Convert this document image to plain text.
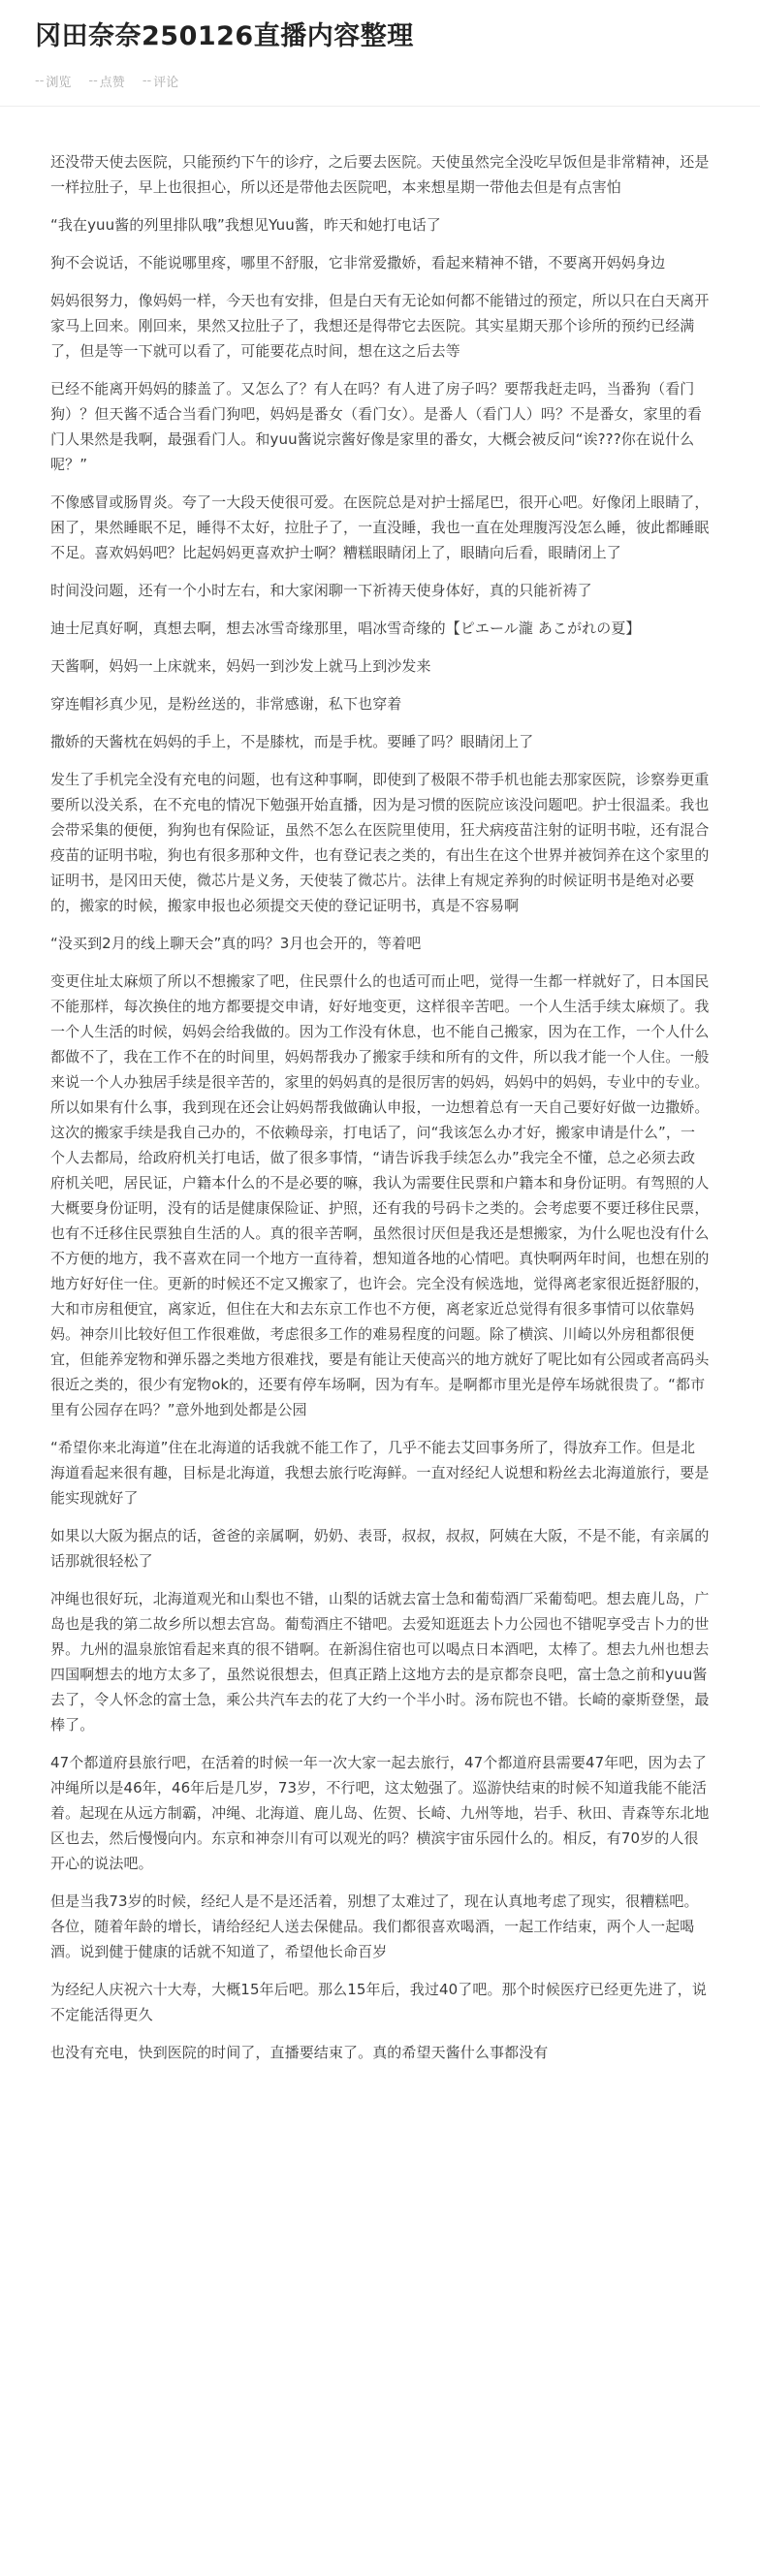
冈田奈奈250126直播内容整理
-- 浏览 -- 点赞 -- 评论

还没带天使去医院，只能预约下午的诊疗，之后要去医院。天使虽然完全没吃早饭但是非常精神，还是一样拉肚子，早上也很担心，所以还是带他去医院吧，本来想星期一带他去但是有点害怕

“我在yuu酱的列里排队哦”我想见Yuu酱，昨天和她打电话了

狗不会说话，不能说哪里疼，哪里不舒服，它非常爱撒娇，看起来精神不错，不要离开妈妈身边

妈妈很努力，像妈妈一样，今天也有安排，但是白天有无论如何都不能错过的预定，所以只在白天离开家马上回来。刚回来，果然又拉肚子了，我想还是得带它去医院。其实星期天那个诊所的预约已经满了，但是等一下就可以看了，可能要花点时间，想在这之后去等

已经不能离开妈妈的膝盖了。又怎么了？有人在吗？有人进了房子吗？要帮我赶走吗，当番狗（看门狗）？但天酱不适合当看门狗吧，妈妈是番女（看门女）。是番人（看门人）吗？不是番女，家里的看门人果然是我啊，最强看门人。和yuu酱说宗酱好像是家里的番女，大概会被反问“诶???你在说什么呢？”

不像感冒或肠胃炎。夸了一大段天使很可爱。在医院总是对护士摇尾巴，很开心吧。好像闭上眼睛了，困了，果然睡眠不足，睡得不太好，拉肚子了，一直没睡，我也一直在处理腹泻没怎么睡，彼此都睡眠不足。喜欢妈妈吧？比起妈妈更喜欢护士啊？糟糕眼睛闭上了，眼睛向后看，眼睛闭上了

时间没问题，还有一个小时左右，和大家闲聊一下祈祷天使身体好，真的只能祈祷了

迪士尼真好啊，真想去啊，想去冰雪奇缘那里，唱冰雪奇缘的【ピエール瀧 あこがれの夏】

天酱啊，妈妈一上床就来，妈妈一到沙发上就马上到沙发来

穿连帽衫真少见，是粉丝送的，非常感谢，私下也穿着

撒娇的天酱枕在妈妈的手上，不是膝枕，而是手枕。要睡了吗？眼睛闭上了

发生了手机完全没有充电的问题，也有这种事啊，即使到了极限不带手机也能去那家医院，诊察券更重要所以没关系，在不充电的情况下勉强开始直播，因为是习惯的医院应该没问题吧。护士很温柔。我也会带采集的便便，狗狗也有保险证，虽然不怎么在医院里使用，狂犬病疫苗注射的证明书啦，还有混合疫苗的证明书啦，狗也有很多那种文件，也有登记表之类的，有出生在这个世界并被饲养在这个家里的证明书，是冈田天使，微芯片是义务，天使装了微芯片。法律上有规定养狗的时候证明书是绝对必要的，搬家的时候，搬家申报也必须提交天使的登记证明书，真是不容易啊

“没买到2月的线上聊天会”真的吗？3月也会开的，等着吧

变更住址太麻烦了所以不想搬家了吧，住民票什么的也适可而止吧，觉得一生都一样就好了，日本国民不能那样，每次换住的地方都要提交申请，好好地变更，这样很辛苦吧。一个人生活手续太麻烦了。我一个人生活的时候，妈妈会给我做的。因为工作没有休息，也不能自己搬家，因为在工作，一个人什么都做不了，我在工作不在的时间里，妈妈帮我办了搬家手续和所有的文件，所以我才能一个人住。一般来说一个人办独居手续是很辛苦的，家里的妈妈真的是很厉害的妈妈，妈妈中的妈妈，专业中的专业。所以如果有什么事，我到现在还会让妈妈帮我做确认申报，一边想着总有一天自己要好好做一边撒娇。这次的搬家手续是我自己办的，不依赖母亲，打电话了，问“我该怎么办才好，搬家申请是什么”，一个人去都局，给政府机关打电话，做了很多事情，“请告诉我手续怎么办”我完全不懂，总之必须去政府机关吧，居民证，户籍本什么的不是必要的嘛，我认为需要住民票和户籍本和身份证明。有驾照的人大概要身份证明，没有的话是健康保险证、护照，还有我的号码卡之类的。会考虑要不要迁移住民票，也有不迁移住民票独自生活的人。真的很辛苦啊，虽然很讨厌但是我还是想搬家，为什么呢也没有什么不方便的地方，我不喜欢在同一个地方一直待着，想知道各地的心情吧。真快啊两年时间，也想在别的地方好好住一住。更新的时候还不定又搬家了，也许会。完全没有候选地，觉得离老家很近挺舒服的，大和市房租便宜，离家近，但住在大和去东京工作也不方便，离老家近总觉得有很多事情可以依靠妈妈。神奈川比较好但工作很难做，考虑很多工作的难易程度的问题。除了横滨、川崎以外房租都很便宜，但能养宠物和弹乐器之类地方很难找，要是有能让天使高兴的地方就好了呢比如有公园或者高码头很近之类的，很少有宠物ok的，还要有停车场啊，因为有车。是啊都市里光是停车场就很贵了。“都市里有公园存在吗？”意外地到处都是公园

“希望你来北海道”住在北海道的话我就不能工作了，几乎不能去艾回事务所了，得放弃工作。但是北海道看起来很有趣，目标是北海道，我想去旅行吃海鲜。一直对经纪人说想和粉丝去北海道旅行，要是能实现就好了

如果以大阪为据点的话，爸爸的亲属啊，奶奶、表哥，叔叔，叔叔，阿姨在大阪，不是不能，有亲属的话那就很轻松了

冲绳也很好玩，北海道观光和山梨也不错，山梨的话就去富士急和葡萄酒厂采葡萄吧。想去鹿儿岛，广岛也是我的第二故乡所以想去宫岛。葡萄酒庄不错吧。去爱知逛逛去卜力公园也不错呢享受吉卜力的世界。九州的温泉旅馆看起来真的很不错啊。在新潟住宿也可以喝点日本酒吧，太棒了。想去九州也想去四国啊想去的地方太多了，虽然说很想去，但真正踏上这地方去的是京都奈良吧，富士急之前和yuu酱去了，令人怀念的富士急，乘公共汽车去的花了大约一个半小时。汤布院也不错。长崎的豪斯登堡，最棒了。

47个都道府县旅行吧，在活着的时候一年一次大家一起去旅行，47个都道府县需要47年吧，因为去了冲绳所以是46年，46年后是几岁，73岁，不行吧，这太勉强了。巡游快结束的时候不知道我能不能活着。起现在从远方制霸，冲绳、北海道、鹿儿岛、佐贺、长崎、九州等地，岩手、秋田、青森等东北地区也去，然后慢慢向内。东京和神奈川有可以观光的吗？横滨宇宙乐园什么的。相反，有70岁的人很开心的说法吧。

但是当我73岁的时候，经纪人是不是还活着，别想了太难过了，现在认真地考虑了现实，很糟糕吧。各位，随着年龄的增长，请给经纪人送去保健品。我们都很喜欢喝酒，一起工作结束，两个人一起喝酒。说到健于健康的话就不知道了，希望他长命百岁

为经纪人庆祝六十大寿，大概15年后吧。那么15年后，我过40了吧。那个时候医疗已经更先进了，说不定能活得更久

也没有充电，快到医院的时间了，直播要结束了。真的希望天酱什么事都没有
